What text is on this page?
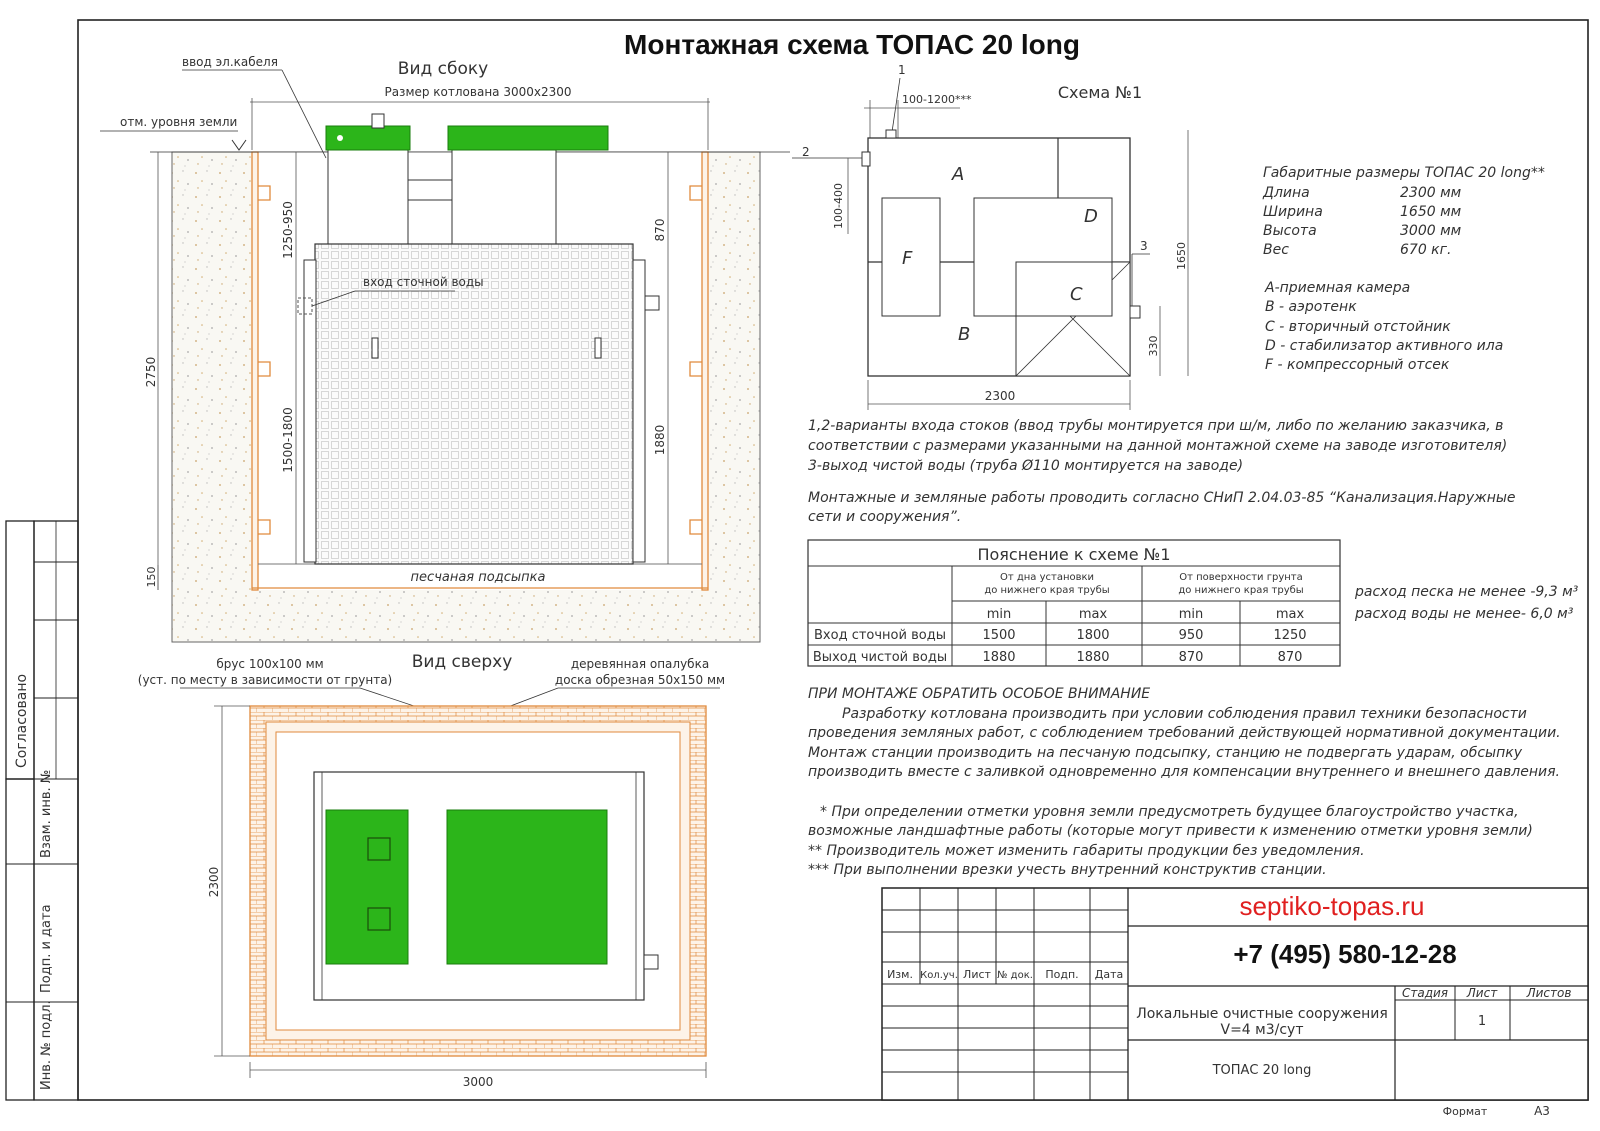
Согласовано
Взам. инв. №
Подп. и дата
Инв. № подл.
Монтажная схема ТОПАС 20 long
Вид сбоку
Размер котлована 3000х2300
песчаная подсыпка
отм. уровня земли
ввод эл.кабеля
вход сточной воды
2750
150
1250-950
1500-1800
870
1880
Вид сверху
брус 100х100 мм
(уст. по месту в зависимости от грунта)
деревянная опалубка
доска обрезная 50х150 мм
3000
2300
Схема №1
1
100-1200***
2
100-400
A
B
C
D
F
3 1650
330
2300
Габаритные размеры ТОПАС 20 long**
Длина	2300 мм
Ширина	1650 мм
Высота	3000 мм
Вес	670 кг.
А-приемная камера
B - аэротенк
C - вторичный отстойник
D - стабилизатор активного ила
F - компрессорный отсек
1,2-варианты входа стоков (ввод трубы монтируется при ш/м, либо по желанию заказчика, в
соответствии с размерами указанными на данной монтажной схеме на заводе изготовителя)
3-выход чистой воды (труба Ø110 монтируется на заводе)
Монтажные и земляные работы проводить согласно СНиП 2.04.03-85 “Канализация.Наружные
сети и сооружения”.
Пояснение к схеме №1
От дна установки
до нижнего края трубы
От поверхности грунта
до нижнего края трубы
min	max	min	max
Вход сточной воды	1500	1800	950	1250
Выход чистой воды	1880	1880	870	870
расход песка не менее -9,3 м³
расход воды не менее- 6,0 м³
ПРИ МОНТАЖЕ ОБРАТИТЬ ОСОБОЕ ВНИМАНИЕ
Разработку котлована производить при условии соблюдения правил техники безопасности
проведения земляных работ, с соблюдением требований действующей нормативной документации.
Монтаж станции производить на песчаную подсыпку, станцию не подвергать ударам, обсыпку
производить вместе с заливкой одновременно для компенсации внутреннего и внешнего давления.
* При определении отметки уровня земли предусмотреть будущее благоустройство участка,
возможные ландшафтные работы (которые могут привести к изменению отметки уровня земли)
** Производитель может изменить габариты продукции без уведомления.
*** При выполнении врезки учесть внутренний конструктив станции.
Изм. Кол.уч. Лист № док. Подп. Дата
septiko-topas.ru
+7 (495) 580-12-28
Стадия Лист Листов
1
Локальные очистные сооружения
V=4 м3/сут
ТОПАС 20 long
Формат	А3
